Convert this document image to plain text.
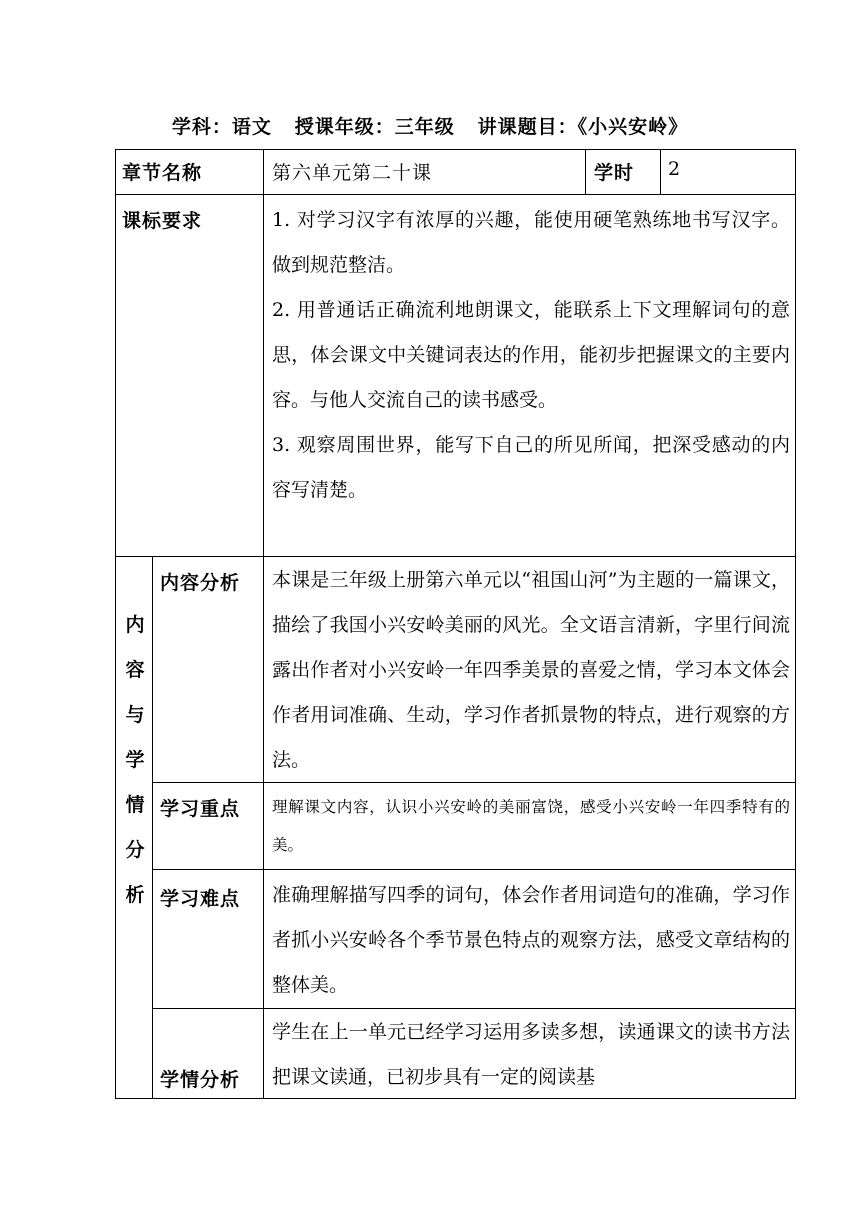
学科：语文 授课年级：三年级 讲课题目：《小兴安岭》
章节名称	第六单元第二十课	学时 2
课标要求	1. 对学习汉字有浓厚的兴趣，能使用硬笔熟练地书写汉字。做到规范整洁。

2. 用普通话正确流利地朗课文，能联系上下文理解词句的意思，体会课文中关键词表达的作用，能初步把握课文的主要内容。与他人交流自己的读书感受。

3. 观察周围世界，能写下自己的所见所闻，把深受感动的内容写清楚。

内
容
与
学
情
分
析
内容分析 本课是三年级上册第六单元以“祖国山河”为主题的一篇课文，描绘了我国小兴安岭美丽的风光。全文语言清新，字里行间流露出作者对小兴安岭一年四季美景的喜爱之情，学习本文体会作者用词准确、生动，学习作者抓景物的特点，进行观察的方法。
学习重点 理解课文内容，认识小兴安岭的美丽富饶，感受小兴安岭一年四季特有的美。
学习难点 准确理解描写四季的词句，体会作者用词造句的准确，学习作者抓小兴安岭各个季节景色特点的观察方法，感受文章结构的整体美。
学情分析
学生在上一单元已经学习运用多读多想，读通课文的读书方法把课文读通，已初步具有一定的阅读基
